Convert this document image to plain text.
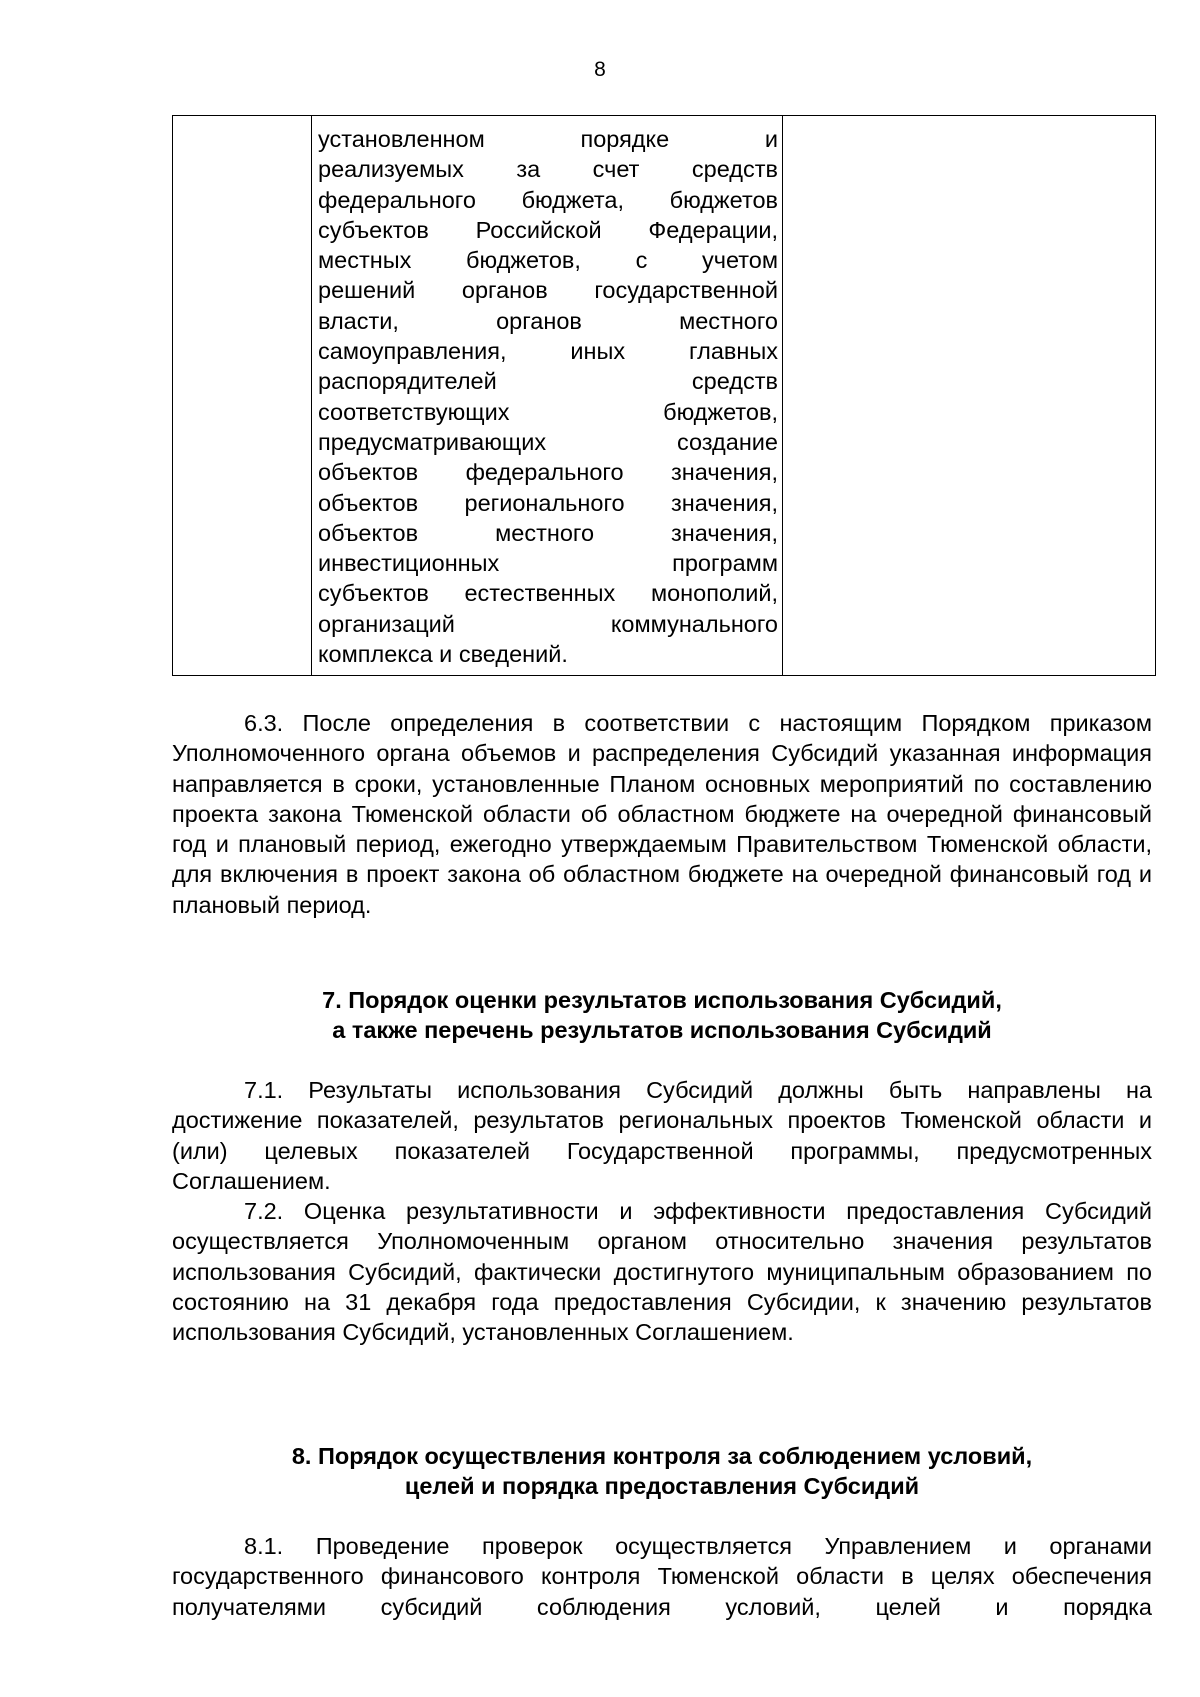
8

установленном порядке и
реализуемых за счет средств
федерального бюджета, бюджетов
субъектов Российской Федерации,
местных бюджетов, с учетом
решений органов государственной
власти, органов местного
самоуправления, иных главных
распорядителей средств
соответствующих бюджетов,
предусматривающих создание
объектов федерального значения,
объектов регионального значения,
объектов местного значения,
инвестиционных программ
субъектов естественных монополий,
организаций коммунального
комплекса и сведений.

6.3. После определения в соответствии с настоящим Порядком приказом Уполномоченного органа объемов и распределения Субсидий указанная информация направляется в сроки, установленные Планом основных мероприятий по составлению проекта закона Тюменской области об областном бюджете на очередной финансовый год и плановый период, ежегодно утверждаемым Правительством Тюменской области, для включения в проект закона об областном бюджете на очередной финансовый год и плановый период.

7. Порядок оценки результатов использования Субсидий,

а также перечень результатов использования Субсидий

7.1. Результаты использования Субсидий должны быть направлены на достижение показателей, результатов региональных проектов Тюменской области и (или) целевых показателей Государственной программы, предусмотренных Соглашением.

7.2. Оценка результативности и эффективности предоставления Субсидий осуществляется Уполномоченным органом относительно значения результатов использования Субсидий, фактически достигнутого муниципальным образованием по состоянию на 31 декабря года предоставления Субсидии, к значению результатов использования Субсидий, установленных Соглашением.

8. Порядок осуществления контроля за соблюдением условий,

целей и порядка предоставления Субсидий

8.1. Проведение проверок осуществляется Управлением и органами государственного финансового контроля Тюменской области в целях обеспечения получателями субсидий соблюдения условий, целей и порядка
